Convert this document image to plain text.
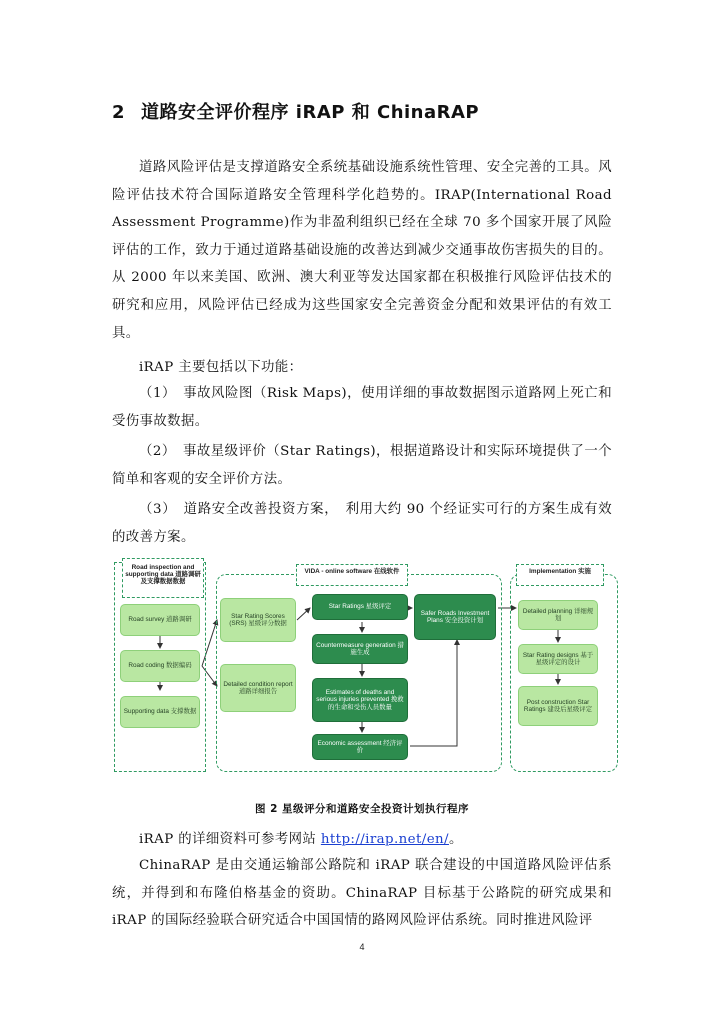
2 道路安全评价程序 iRAP 和 ChinaRAP
道路风险评估是支撑道路安全系统基础设施系统性管理、安全完善的工具。风险评估技术符合国际道路安全管理科学化趋势的。IRAP(International Road Assessment Programme)作为非盈利组织已经在全球 70 多个国家开展了风险评估的工作，致力于通过道路基础设施的改善达到减少交通事故伤害损失的目的。从 2000 年以来美国、欧洲、澳大利亚等发达国家都在积极推行风险评估技术的研究和应用，风险评估已经成为这些国家安全完善资金分配和效果评估的有效工具。
iRAP 主要包括以下功能：
（1）　事故风险图（Risk Maps)，使用详细的事故数据图示道路网上死亡和受伤事故数据。
（2）　事故星级评价（Star Ratings)，根据道路设计和实际环境提供了一个简单和客观的安全评价方法。
（3）　道路安全改善投资方案，　利用大约 90 个经证实可行的方案生成有效的改善方案。
Road inspection and supporting data 道路调研及支撑数据数据
VIDA - online software 在线软件	Implementation 实施
Road survey 道路调研
Road coding 数据编码
Supporting data 支撑数据
Star Rating Scores (SRS) 星级评分数据
Detailed condition report 道路详细报告
Star Ratings 星级评定
Countermeasure generation 措施生成
Estimates of deaths and serious injuries prevented 挽救的生命和受伤人员数量
Economic assessment 经济评价
Safer Roads Investment Plans 安全投资计划
Detailed planning 详细规划
Star Rating designs 基于星级评定的设计
Post construction Star Ratings 建设后星级评定
图 2 星级评分和道路安全投资计划执行程序
iRAP 的详细资料可参考网站 http://irap.net/en/。
ChinaRAP 是由交通运输部公路院和 iRAP 联合建设的中国道路风险评估系统，并得到和布隆伯格基金的资助。ChinaRAP 目标基于公路院的研究成果和 iRAP 的国际经验联合研究适合中国国情的路网风险评估系统。同时推进风险评
4
